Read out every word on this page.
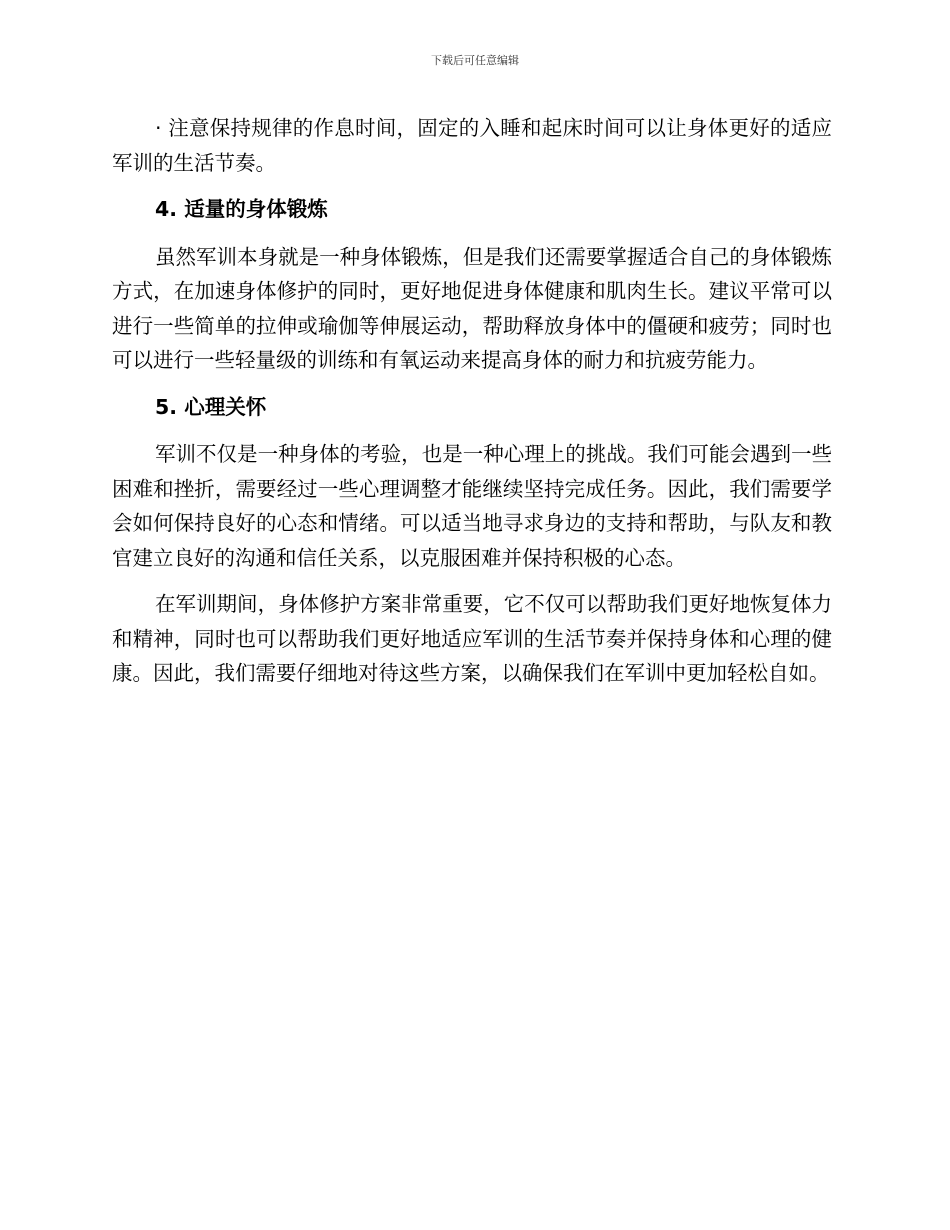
下载后可任意编辑

· 注意保持规律的作息时间，固定的入睡和起床时间可以让身体更好的适应军训的生活节奏。

4. 适量的身体锻炼

虽然军训本身就是一种身体锻炼，但是我们还需要掌握适合自己的身体锻炼方式，在加速身体修护的同时，更好地促进身体健康和肌肉生长。建议平常可以进行一些简单的拉伸或瑜伽等伸展运动，帮助释放身体中的僵硬和疲劳；同时也可以进行一些轻量级的训练和有氧运动来提高身体的耐力和抗疲劳能力。

5. 心理关怀

军训不仅是一种身体的考验，也是一种心理上的挑战。我们可能会遇到一些困难和挫折，需要经过一些心理调整才能继续坚持完成任务。因此，我们需要学会如何保持良好的心态和情绪。可以适当地寻求身边的支持和帮助，与队友和教官建立良好的沟通和信任关系，以克服困难并保持积极的心态。

在军训期间，身体修护方案非常重要，它不仅可以帮助我们更好地恢复体力和精神，同时也可以帮助我们更好地适应军训的生活节奏并保持身体和心理的健康。因此，我们需要仔细地对待这些方案，以确保我们在军训中更加轻松自如。
